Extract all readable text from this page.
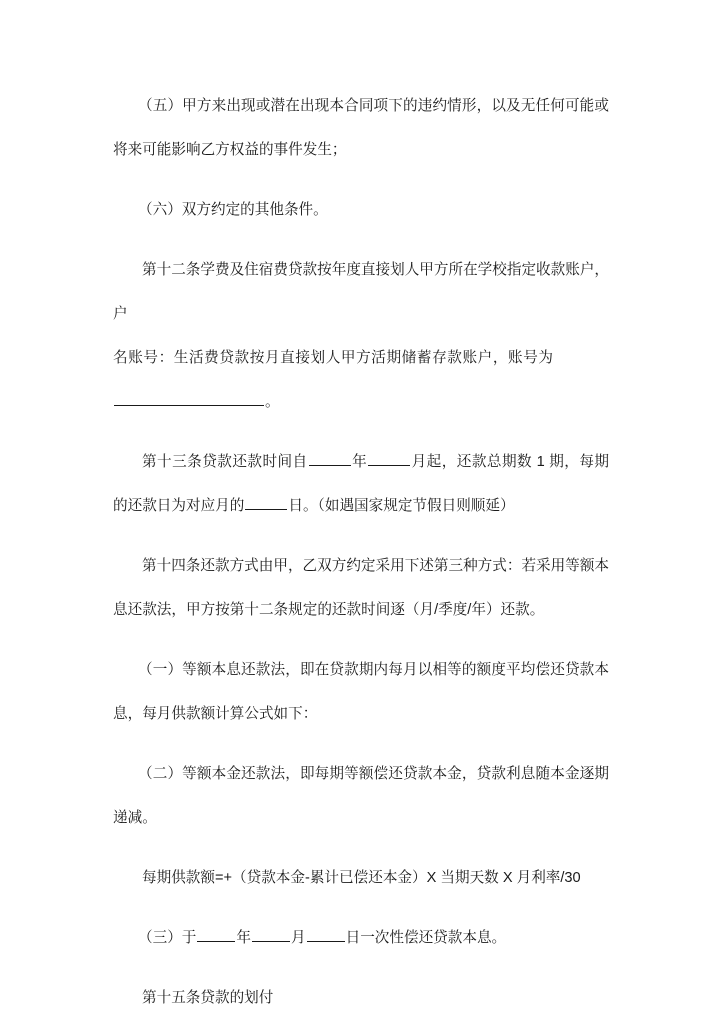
（五）甲方来出现或潜在出现本合同项下的违约情形，以及无任何可能或将来可能影响乙方权益的事件发生；

（六）双方约定的其他条件。

第十二条学费及住宿费贷款按年度直接划人甲方所在学校指定收款账户，户

名账号：生活费贷款按月直接划人甲方活期储蓄存款账户，账号为

。

第十三条贷款还款时间自	年	月起，还款总期数 1 期，每期的还款日为对应月的	日。（如遇国家规定节假日则顺延）

第十四条还款方式由甲，乙双方约定采用下述第三种方式：若采用等额本息还款法，甲方按第十二条规定的还款时间逐（月/季度/年）还款。

（一）等额本息还款法，即在贷款期内每月以相等的额度平均偿还贷款本息，每月供款额计算公式如下：

（二）等额本金还款法，即每期等额偿还贷款本金，贷款利息随本金逐期递减。

每期供款额=+（贷款本金-累计已偿还本金）X 当期天数 X 月利率/30

（三）于	年	月	日一次性偿还贷款本息。

第十五条贷款的划付
